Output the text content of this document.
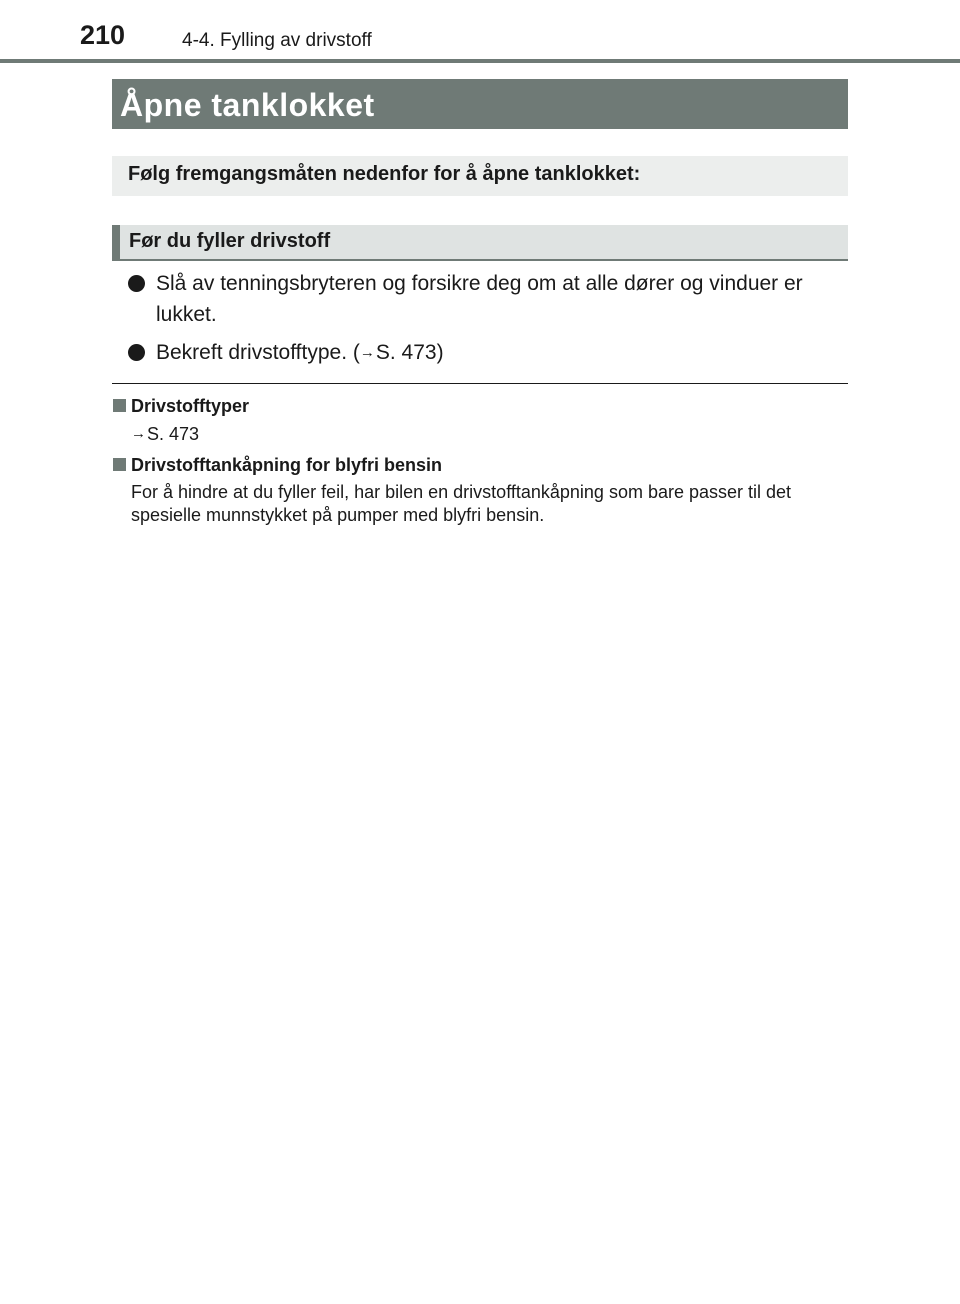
210	4-4. Fylling av drivstoff
Åpne tanklokket

Følg fremgangsmåten nedenfor for å åpne tanklokket:

Før du fyller drivstoff
Slå av tenningsbryteren og forsikre deg om at alle dører og vinduer er lukket.
Bekreft drivstofftype. (→S. 473)
Drivstofftyper
→S. 473
Drivstofftankåpning for blyfri bensin
For å hindre at du fyller feil, har bilen en drivstofftankåpning som bare passer til det spesielle munnstykket på pumper med blyfri bensin.
